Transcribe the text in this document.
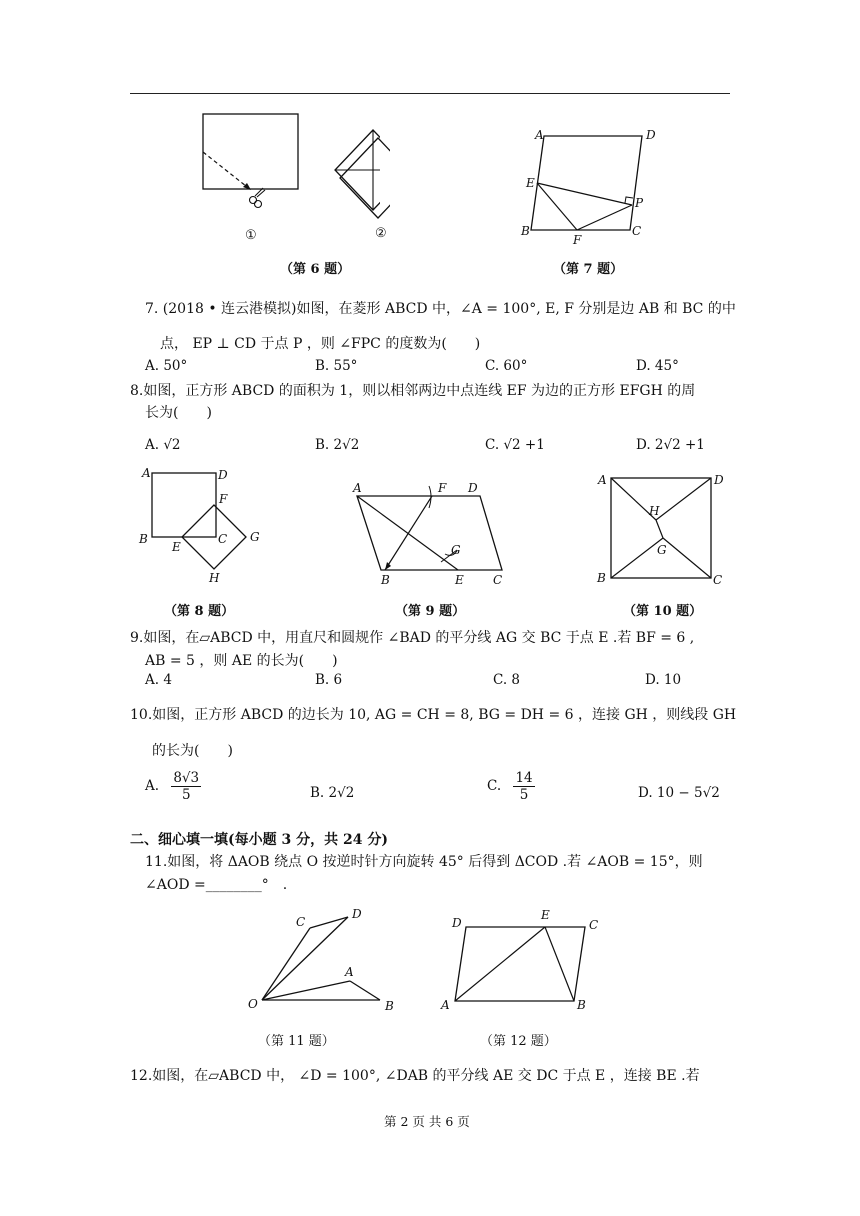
①	②
（第 6 题）
A	D
E
P
B
F
C
（第 7 题）
7. (2018 • 连云港模拟)如图，在菱形 ABCD 中，∠A = 100°, E, F 分别是边 AB 和 BC 的中
点， EP ⊥ CD 于点 P ，则 ∠FPC 的度数为(　　)
A. 50°	B. 55°	C. 60°	D. 45°
8.如图，正方形 ABCD 的面积为 1，则以相邻两边中点连线 EF 为边的正方形 EFGH 的周
长为(　　)
A. √2	B. 2√2	C. √2 +1	D. 2√2 +1
A	D
F
B
E
C G
H
（第 8 题）
A	F D
G
B	E C
（第 9 题）
A	D
H
G
B	C
（第 10 题）
9.如图，在▱ABCD 中，用直尺和圆规作 ∠BAD 的平分线 AG 交 BC 于点 E .若 BF = 6 ,
AB = 5 ，则 AE 的长为(　　)
A. 4	B. 6	C. 8	D. 10
10.如图，正方形 ABCD 的边长为 10, AG = CH = 8, BG = DH = 6 ，连接 GH ，则线段 GH
的长为(　　)
A. $\frac{8√3}{5}$	B. 2√2	C. $\frac{14}{5}$	D. 10 − 5√2
二、细心填一填(每小题 3 分，共 24 分)
11.如图，将 ΔAOB 绕点 O 按逆时针方向旋转 45° 后得到 ΔCOD .若 ∠AOB = 15°，则
∠AOD =________°　.
C
D
A
O	B
（第 11 题）
D
E
C
A	B
（第 12 题）
12.如图，在▱ABCD 中， ∠D = 100°, ∠DAB 的平分线 AE 交 DC 于点 E ，连接 BE .若
第 2 页 共 6 页
